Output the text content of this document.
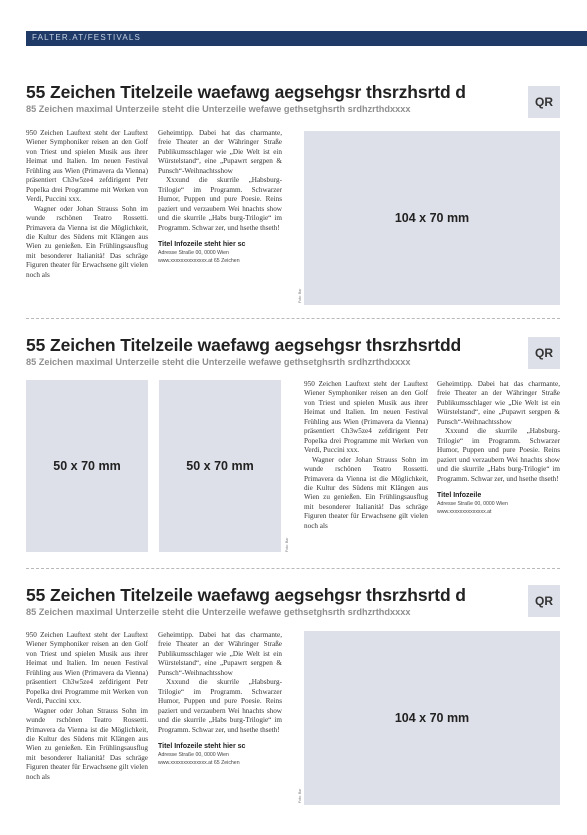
FALTER.AT/FESTIVALS
55 Zeichen Titelzeile waefawg aegsehgsr thsrzhsrtd d
85 Zeichen maximal Unterzeile steht die Unterzeile wefawe gethsetghsrth srdhzrthdxxxx	QR

950 Zeichen Lauftext steht der Lauftext Wiener Symphoniker reisen an den Golf von Triest und spielen Musik aus ihrer Heimat und Italien. Im neuen Festival Frühling aus Wien (Primavera da Vienna) präsentiert Ch3w5ze4 zefdirigent Petr Popelka drei Programme mit Werken von Verdi, Puccini xxx.

Wagner oder Johan Strauss Sohn im wunde rschönen Teatro Rossetti. Primavera da Vienna ist die Möglichkeit, die Kultur des Südens mit Klängen aus Wien zu genießen. Ein Frühlingsausflug mit besonderer Italianità! Das schräge Figuren theater für Erwachsene gilt vielen noch als

Geheimtipp. Dabei hat das charmante, freie Theater an der Währinger Straße Publikumsschlager wie „Die Welt ist ein Würstelstand“, eine „Pupawrt sergpen & Punsch“-Weihnachtsshow

Xxxund die skurrile „Habsburg-Trilogie“ im Programm. Schwarzer Humor, Puppen und pure Poesie. Reins paziert und verzaubern Wei hnachts show und die skurrile „Habs burg-Trilogie“ im Programm. Schwar zer, und hsethe thseth!

Titel Infozeile steht hier sc
Adresse Straße 00, 0000 Wien
www.xxxxxxxxxxxxxx.at 65 Zeichen
104 x 70 mm
Foto: Bar
55 Zeichen Titelzeile waefawg aegsehgsr thsrzhsrtdd
85 Zeichen maximal Unterzeile steht die Unterzeile wefawe gethsetghsrth srdhzrthdxxxx
QR
50 x 70 mm	50 x 70 mm
Foto: Bar

950 Zeichen Lauftext steht der Lauftext Wiener Symphoniker reisen an den Golf von Triest und spielen Musik aus ihrer Heimat und Italien. Im neuen Festival Frühling aus Wien (Primavera da Vienna) präsentiert Ch3w5ze4 zefdirigent Petr Popelka drei Programme mit Werken von Verdi, Puccini xxx.

Wagner oder Johan Strauss Sohn im wunde rschönen Teatro Rossetti. Primavera da Vienna ist die Möglichkeit, die Kultur des Südens mit Klängen aus Wien zu genießen. Ein Frühlingsausflug mit besonderer Italianità! Das schräge Figuren theater für Erwachsene gilt vielen noch als

Geheimtipp. Dabei hat das charmante, freie Theater an der Währinger Straße Publikumsschlager wie „Die Welt ist ein Würstelstand“, eine „Pupawrt sergpen & Punsch“-Weihnachtsshow

Xxxund die skurrile „Habsburg-Trilogie“ im Programm. Schwarzer Humor, Puppen und pure Poesie. Reins paziert und verzaubern Wei hnachts show und die skurrile „Habs burg-Trilogie“ im Programm. Schwar zer, und hsethe thseth!

Titel Infozeile
Adresse Straße 00, 0000 Wien
www.xxxxxxxxxxxxxx.at
55 Zeichen Titelzeile waefawg aegsehgsr thsrzhsrtd d
85 Zeichen maximal Unterzeile steht die Unterzeile wefawe gethsetghsrth srdhzrthdxxxx
QR

950 Zeichen Lauftext steht der Lauftext Wiener Symphoniker reisen an den Golf von Triest und spielen Musik aus ihrer Heimat und Italien. Im neuen Festival Frühling aus Wien (Primavera da Vienna) präsentiert Ch3w5ze4 zefdirigent Petr Popelka drei Programme mit Werken von Verdi, Puccini xxx.

Wagner oder Johan Strauss Sohn im wunde rschönen Teatro Rossetti. Primavera da Vienna ist die Möglichkeit, die Kultur des Südens mit Klängen aus Wien zu genießen. Ein Frühlingsausflug mit besonderer Italianità! Das schräge Figuren theater für Erwachsene gilt vielen noch als

Geheimtipp. Dabei hat das charmante, freie Theater an der Währinger Straße Publikumsschlager wie „Die Welt ist ein Würstelstand“, eine „Pupawrt sergpen & Punsch“-Weihnachtsshow

Xxxund die skurrile „Habsburg-Trilogie“ im Programm. Schwarzer Humor, Puppen und pure Poesie. Reins paziert und verzaubern Wei hnachts show und die skurrile „Habs burg-Trilogie“ im Programm. Schwar zer, und hsethe thseth!

Titel Infozeile steht hier sc
Adresse Straße 00, 0000 Wien
www.xxxxxxxxxxxxxx.at 65 Zeichen
104 x 70 mm
Foto: Bar
